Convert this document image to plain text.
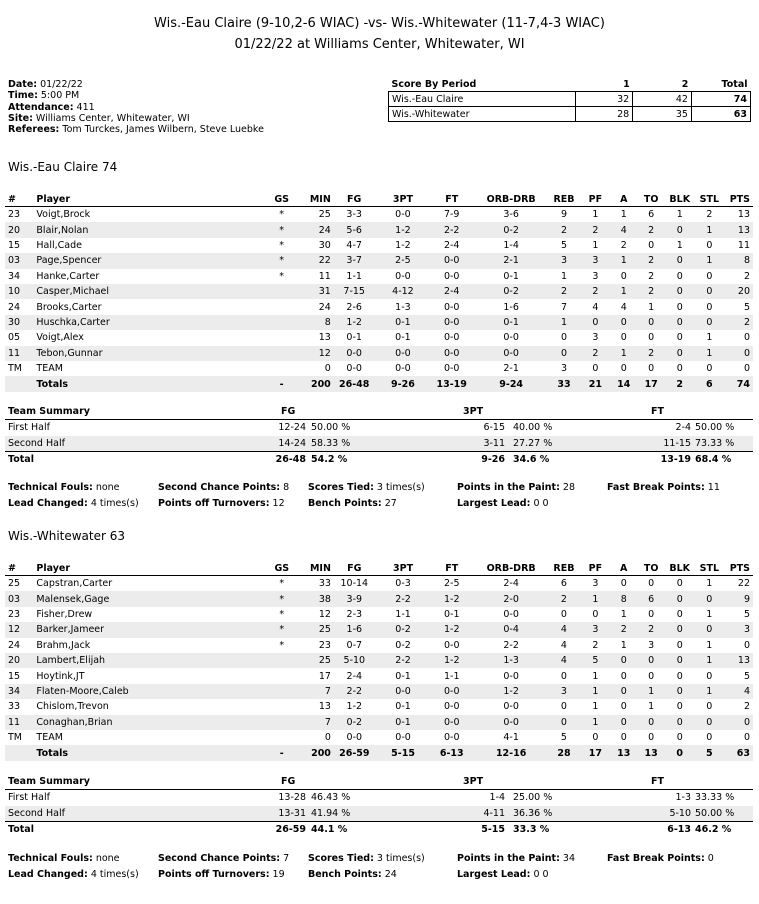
Wis.-Eau Claire (9-10,2-6 WIAC) -vs- Wis.-Whitewater (11-7,4-3 WIAC)
01/22/22 at Williams Center, Whitewater, WI
Date: 01/22/22
Time: 5:00 PM
Attendance: 411
Site: Williams Center, Whitewater, WI
Referees: Tom Turckes, James Wilbern, Steve Luebke
Score By Period	1	2	Total
Wis.-Eau Claire	32	42	74
Wis.-Whitewater	28	35	63
Wis.-Eau Claire 74
#	Player	GS	MIN	FG	3PT	FT	ORB-DRB	REB	PF	A	TO	BLK	STL	PTS
23	Voigt,Brock	*	25	3-3	0-0	7-9	3-6	9	1	1	6	1	2	13
20	Blair,Nolan	*	24	5-6	1-2	2-2	0-2	2	2	4	2	0	1	13
15	Hall,Cade	*	30	4-7	1-2	2-4	1-4	5	1	2	0	1	0	11
03	Page,Spencer	*	22	3-7	2-5	0-0	2-1	3	3	1	2	0	1	8
34	Hanke,Carter	*	11	1-1	0-0	0-0	0-1	1	3	0	2	0	0	2
10	Casper,Michael		31	7-15	4-12	2-4	0-2	2	2	1	2	0	0	20
24	Brooks,Carter		24	2-6	1-3	0-0	1-6	7	4	4	1	0	0	5
30	Huschka,Carter		8	1-2	0-1	0-0	0-1	1	0	0	0	0	0	2
05	Voigt,Alex		13	0-1	0-1	0-0	0-0	0	3	0	0	0	1	0
11	Tebon,Gunnar		12	0-0	0-0	0-0	0-0	0	2	1	2	0	1	0
TM	TEAM		0	0-0	0-0	0-0	2-1	3	0	0	0	0	0	0
	Totals	-	200	26-48	9-26	13-19	9-24	33	21	14	17	2	6	74
Team Summary	FG	3PT	FT
First Half	12-24 50.00 %	6-15 40.00 %	2-4 50.00 %
Second Half	14-24 58.33 %	3-11 27.27 %	11-15 73.33 %
Total	26-48 54.2 %	9-26 34.6 %	13-19 68.4 %
Technical Fouls: none	Second Chance Points: 8 Scores Tied: 3 times(s)	Points in the Paint: 28	Fast Break Points: 11
Lead Changed: 4 times(s) Points off Turnovers: 12 Bench Points: 27	Largest Lead: 0 0
Wis.-Whitewater 63
#	Player	GS	MIN	FG	3PT	FT	ORB-DRB	REB	PF	A	TO	BLK	STL	PTS
25	Capstran,Carter	*	33	10-14	0-3	2-5	2-4	6	3	0	0	0	1	22
03	Malensek,Gage	*	38	3-9	2-2	1-2	2-0	2	1	8	6	0	0	9
23	Fisher,Drew	*	12	2-3	1-1	0-1	0-0	0	0	1	0	0	1	5
12	Barker,Jameer	*	25	1-6	0-2	1-2	0-4	4	3	2	2	0	0	3
24	Brahm,Jack	*	23	0-7	0-2	0-0	2-2	4	2	1	3	0	1	0
20	Lambert,Elijah		25	5-10	2-2	1-2	1-3	4	5	0	0	0	1	13
15	Hoytink,JT		17	2-4	0-1	1-1	0-0	0	1	0	0	0	0	5
34	Flaten-Moore,Caleb		7	2-2	0-0	0-0	1-2	3	1	0	1	0	1	4
33	Chislom,Trevon		13	1-2	0-1	0-0	0-0	0	1	0	1	0	0	2
11	Conaghan,Brian		7	0-2	0-1	0-0	0-0	0	1	0	0	0	0	0
TM	TEAM		0	0-0	0-0	0-0	4-1	5	0	0	0	0	0	0
	Totals	-	200	26-59	5-15	6-13	12-16	28	17	13	13	0	5	63
Team Summary	FG	3PT	FT
First Half	13-28 46.43 %	1-4 25.00 %	1-3 33.33 %
Second Half	13-31 41.94 %	4-11 36.36 %	5-10 50.00 %
Total	26-59 44.1 %	5-15 33.3 %	6-13 46.2 %
Technical Fouls: none	Second Chance Points: 7 Scores Tied: 3 times(s)	Points in the Paint: 34	Fast Break Points: 0
Lead Changed: 4 times(s) Points off Turnovers: 19 Bench Points: 24	Largest Lead: 0 0
